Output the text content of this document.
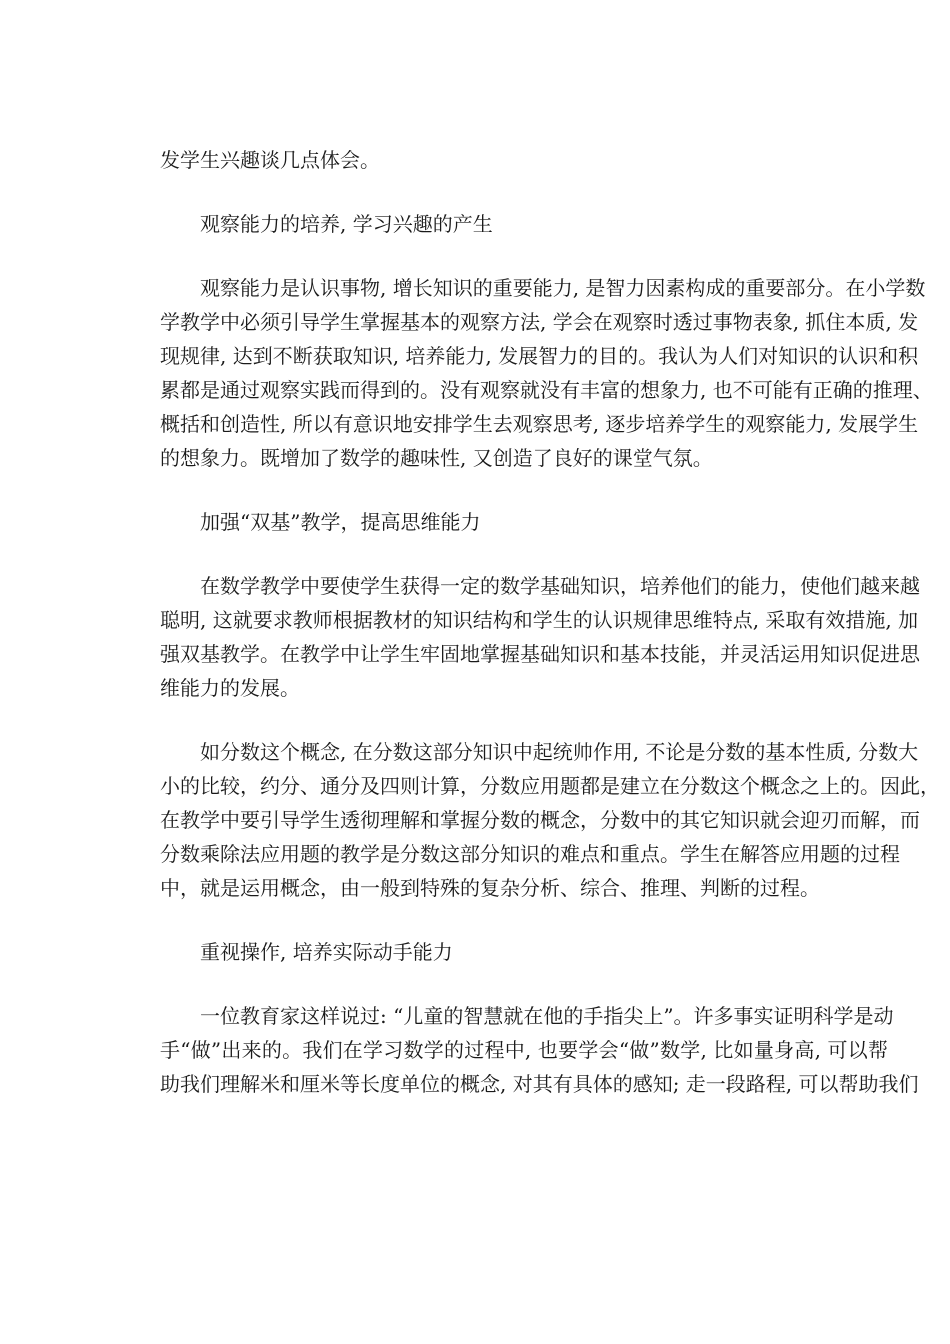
发学生兴趣谈几点体会。
观察能力的培养, 学习兴趣的产生
观察能力是认识事物, 增长知识的重要能力, 是智力因素构成的重要部分。在小学数
学教学中必须引导学生掌握基本的观察方法, 学会在观察时透过事物表象, 抓住本质, 发
现规律, 达到不断获取知识, 培养能力, 发展智力的目的。我认为人们对知识的认识和积
累都是通过观察实践而得到的。没有观察就没有丰富的想象力, 也不可能有正确的推理、
概括和创造性, 所以有意识地安排学生去观察思考, 逐步培养学生的观察能力, 发展学生
的想象力。既增加了数学的趣味性, 又创造了良好的课堂气氛。
加强“双基”教学，提高思维能力
在数学教学中要使学生获得一定的数学基础知识，培养他们的能力，使他们越来越
聪明, 这就要求教师根据教材的知识结构和学生的认识规律思维特点, 采取有效措施, 加
强双基教学。在教学中让学生牢固地掌握基础知识和基本技能，并灵活运用知识促进思
维能力的发展。
如分数这个概念, 在分数这部分知识中起统帅作用, 不论是分数的基本性质, 分数大
小的比较，约分、通分及四则计算，分数应用题都是建立在分数这个概念之上的。因此，
在教学中要引导学生透彻理解和掌握分数的概念，分数中的其它知识就会迎刃而解，而
分数乘除法应用题的教学是分数这部分知识的难点和重点。学生在解答应用题的过程
中，就是运用概念，由一般到特殊的复杂分析、综合、推理、判断的过程。
重视操作, 培养实际动手能力
一位教育家这样说过: “儿童的智慧就在他的手指尖上”。许多事实证明科学是动
手“做”出来的。我们在学习数学的过程中, 也要学会“做”数学, 比如量身高, 可以帮
助我们理解米和厘米等长度单位的概念, 对其有具体的感知; 走一段路程, 可以帮助我们
